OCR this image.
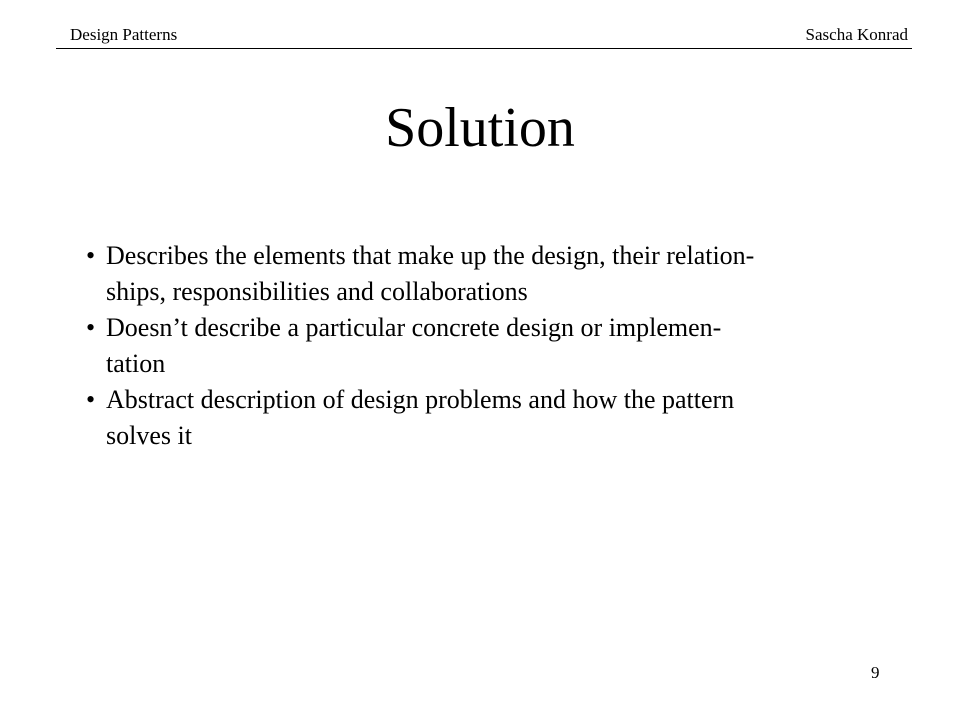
Design Patterns	Sascha Konrad
Solution
• Describes the elements that make up the design, their relation-
ships, responsibilities and collaborations
• Doesn’t describe a particular concrete design or implemen-
tation
• Abstract description of design problems and how the pattern
solves it
9
